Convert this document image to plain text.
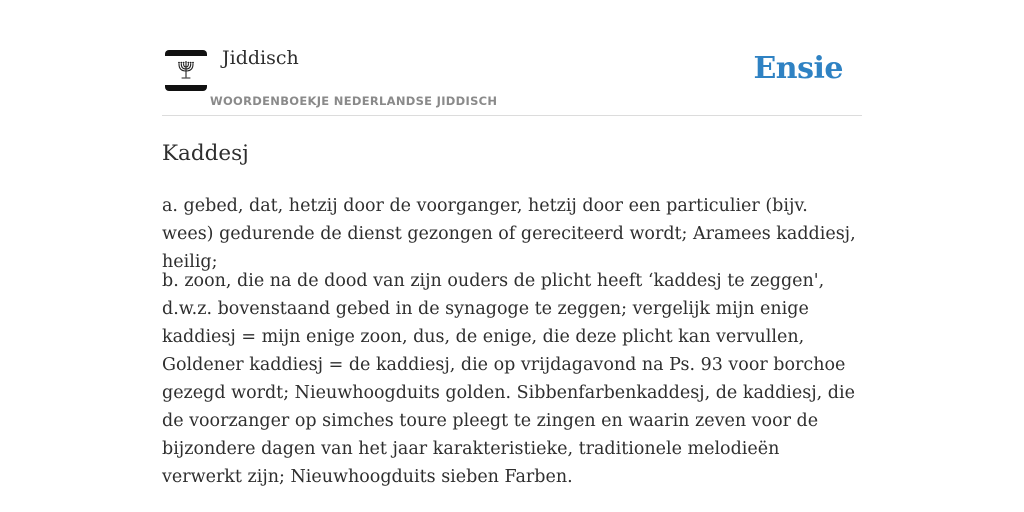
Jiddisch
WOORDENBOEKJE NEDERLANDSE JIDDISCH
Ensie
Kaddesj

a. gebed, dat, hetzij door de voorganger, hetzij door een particulier (bijv. wees) gedurende de dienst gezongen of gereciteerd wordt; Aramees kaddiesj, heilig;

b. zoon, die na de dood van zijn ouders de plicht heeft ‘kaddesj te zeggen', d.w.z. bovenstaand gebed in de synagoge te zeggen; vergelijk mijn enige kaddiesj = mijn enige zoon, dus, de enige, die deze plicht kan vervullen, Goldener kaddiesj = de kaddiesj, die op vrijdagavond na Ps. 93 voor borchoe gezegd wordt; Nieuwhoogduits golden. Sibbenfarbenkaddesj, de kaddiesj, die de voorzanger op simches toure pleegt te zingen en waarin zeven voor de bijzondere dagen van het jaar karakteristieke, traditionele melodieën verwerkt zijn; Nieuwhoogduits sieben Farben.
